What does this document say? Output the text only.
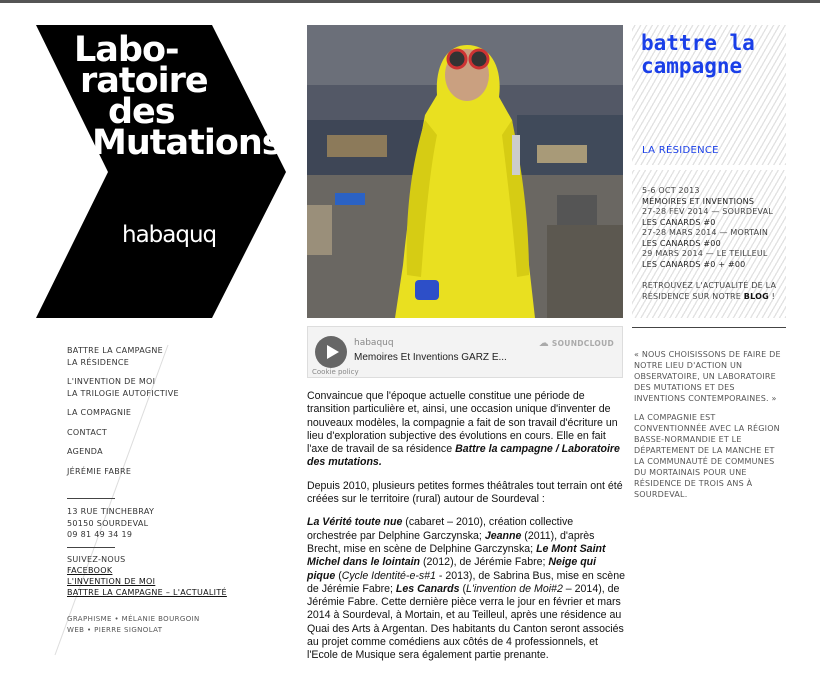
Labo-
ratoire
des
Mutations
habaquq
BATTRE LA CAMPAGNE
LA RÉSIDENCE
L'INVENTION DE MOI
LA TRILOGIE AUTOFICTIVE
LA COMPAGNIE
CONTACT
AGENDA
JÉRÉMIE FABRE
13 RUE TINCHEBRAY
50150 SOURDEVAL
09 81 49 34 19
SUIVEZ-NOUS
FACEBOOK
L'INVENTION DE MOI
BATTRE LA CAMPAGNE – L'ACTUALITÉ
GRAPHISME • MÉLANIE BOURGOIN
WEB • PIERRE SIGNOLAT
habaquq
Memoires Et Inventions GARZ E...
☁ SOUNDCLOUD
Cookie policy

Convaincue que l'époque actuelle constitue une période de transition particulière et, ainsi, une occasion unique d'inventer de nouveaux modèles, la compagnie a fait de son travail d'écriture un lieu d'exploration subjective des évolutions en cours. Elle en fait l'axe de travail de sa résidence Battre la campagne / Laboratoire des mutations.

Depuis 2010, plusieurs petites formes théâtrales tout terrain ont été créées sur le territoire (rural) autour de Sourdeval :

La Vérité toute nue (cabaret – 2010), création collective orchestrée par Delphine Garczynska; Jeanne (2011), d'après Brecht, mise en scène de Delphine Garczynska; Le Mont Saint Michel dans le lointain (2012), de Jérémie Fabre; Neige qui pique (Cycle Identité-e-s#1 - 2013), de Sabrina Bus, mise en scène de Jérémie Fabre; Les Canards (L'invention de Moi#2 – 2014), de Jérémie Fabre. Cette dernière pièce verra le jour en février et mars 2014 à Sourdeval, à Mortain, et au Teilleul, après une résidence au Quai des Arts à Argentan. Des habitants du Canton seront associés au projet comme comédiens aux côtés de 4 professionnels, et l'Ecole de Musique sera également partie prenante.

battre la
campagne
LA RÉSIDENCE
5-6 OCT 2013
MÉMOIRES ET INVENTIONS
27-28 FEV 2014 — SOURDEVAL
LES CANARDS #0
27-28 MARS 2014 — MORTAIN
LES CANARDS #00
29 MARS 2014 — LE TEILLEUL
LES CANARDS #0 + #00
RETROUVEZ L'ACTUALITÉ DE LA RÉSIDENCE SUR NOTRE BLOG !

« NOUS CHOISISSONS DE FAIRE DE NOTRE LIEU D'ACTION UN OBSERVATOIRE, UN LABORATOIRE DES MUTATIONS ET DES INVENTIONS CONTEMPORAINES. »

LA COMPAGNIE EST CONVENTIONNÉE AVEC LA RÉGION BASSE-NORMANDIE ET LE DÉPARTEMENT DE LA MANCHE ET LA COMMUNAUTÉ DE COMMUNES DU MORTAINAIS POUR UNE RÉSIDENCE DE TROIS ANS À SOURDEVAL.
